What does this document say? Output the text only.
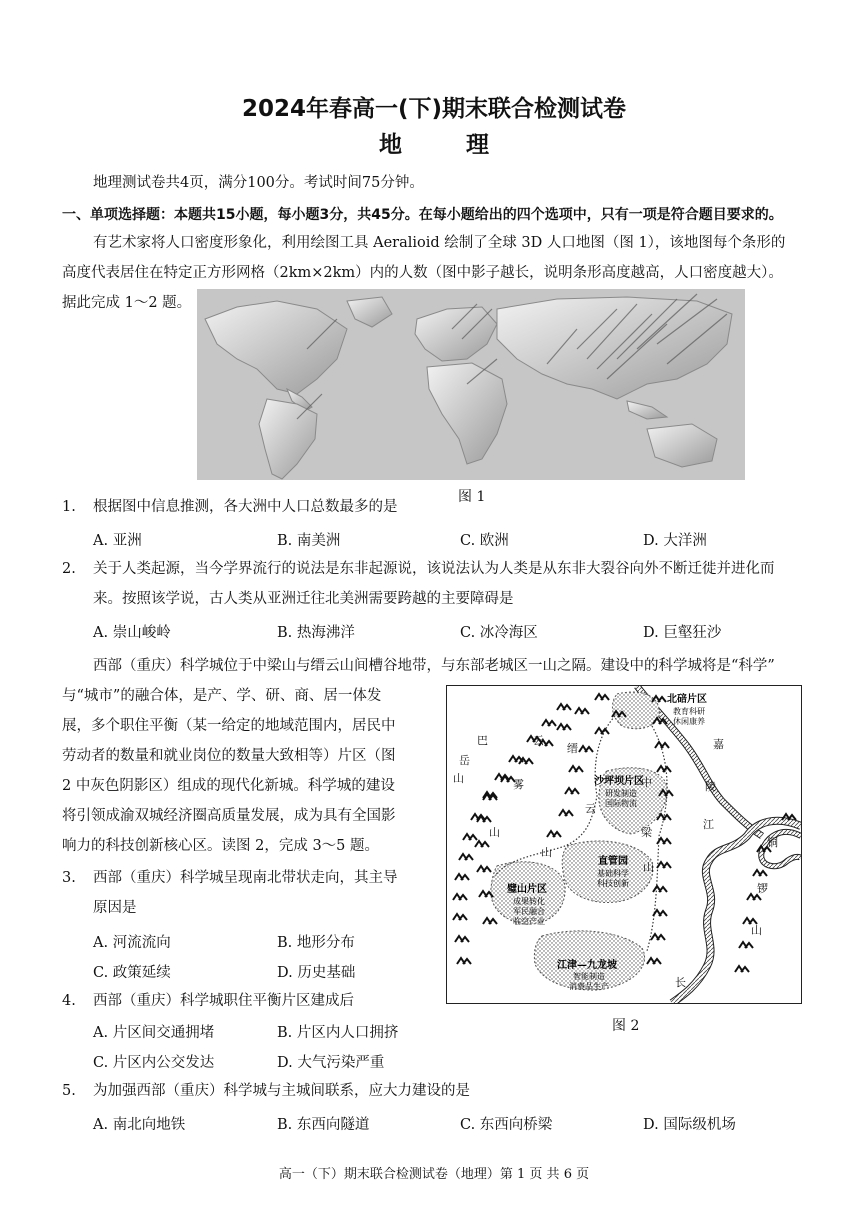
2024年春高一(下)期末联合检测试卷
地 理
地理测试卷共4页，满分100分。考试时间75分钟。
一、单项选择题：本题共15小题，每小题3分，共45分。在每小题给出的四个选项中，只有一项是符合题目要求的。
有艺术家将人口密度形象化，利用绘图工具 Aeralioid 绘制了全球 3D 人口地图（图 1），该地图每个条形的
高度代表居住在特定正方形网格（2km×2km）内的人数（图中影子越长，说明条形高度越高，人口密度越大）。
据此完成 1～2 题。
图 1
1. 根据图中信息推测，各大洲中人口总数最多的是
A. 亚洲	B. 南美洲	C. 欧洲	D. 大洋洲
2. 关于人类起源，当今学界流行的说法是东非起源说，该说法认为人类是从东非大裂谷向外不断迁徙并进化而
来。按照该学说，古人类从亚洲迁往北美洲需要跨越的主要障碍是
A. 崇山峻岭	B. 热海沸洋	C. 冰冷海区	D. 巨壑狂沙
西部（重庆）科学城位于中梁山与缙云山间槽谷地带，与东部老城区一山之隔。建设中的科学城将是“科学”
与“城市”的融合体，是产、学、研、商、居一体发
展，多个职住平衡（某一给定的地域范围内，居民中
劳动者的数量和就业岗位的数量大致相等）片区（图
2 中灰色阴影区）组成的现代化新城。科学城的建设
将引领成渝双城经济圈高质量发展，成为具有全国影
响力的科技创新核心区。读图 2，完成 3～5 题。
3. 西部（重庆）科学城呈现南北带状走向，其主导
原因是
A. 河流流向	B. 地形分布
C. 政策延续	D. 历史基础
4. 西部（重庆）科学城职住平衡片区建成后
A. 片区间交通拥堵	B. 片区内人口拥挤
C. 片区内公交发达	D. 大气污染严重
5. 为加强西部（重庆）科学城与主城间联系，应大力建设的是
A. 南北向地铁	B. 东西向隧道	C. 东西向桥梁	D. 国际级机场
巴
岳
山
云
雾
山
缙
云
山
中
梁
山
嘉
陵
江
铜
锣
山
长
北碚片区
教育科研
休闲康养
沙坪坝片区
研发制造
国际物流
直管园
基础科学
科技创新
璧山片区
成果转化
军民融合
临空产业
江津—九龙坡
智能制造
消费品生产
图 2
高一（下）期末联合检测试卷（地理）第 1 页 共 6 页
